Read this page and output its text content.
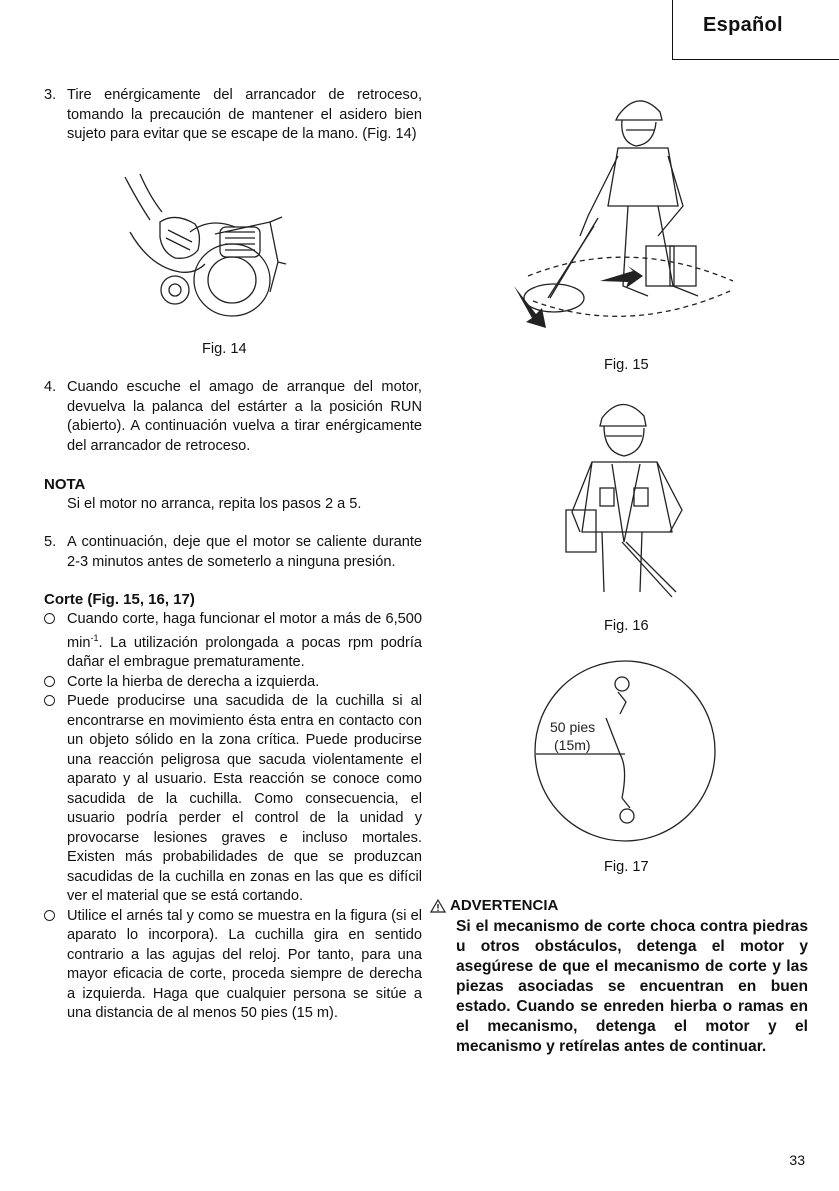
Español
3. Tire enérgicamente del arrancador de retroceso, tomando la precaución de mantener el asidero bien sujeto para evitar que se escape de la mano. (Fig. 14)
Fig. 14
4. Cuando escuche el amago de arranque del motor, devuelva la palanca del estárter a la posición RUN (abierto). A continuación vuelva a tirar enérgicamente del arrancador de retroceso.
NOTA
Si el motor no arranca, repita los pasos 2 a 5.
5. A continuación, deje que el motor se caliente durante 2-3 minutos antes de someterlo a ninguna presión.
Corte (Fig. 15, 16, 17)
Cuando corte, haga funcionar el motor a más de 6,500 $\min^{-1}$. La utilización prolongada a pocas rpm podría dañar el embrague prematuramente.
Corte la hierba de derecha a izquierda.
Puede producirse una sacudida de la cuchilla si al encontrarse en movimiento ésta entra en contacto con un objeto sólido en la zona crítica. Puede producirse una reacción peligrosa que sacuda violentamente el aparato y al usuario. Esta reacción se conoce como sacudida de la cuchilla. Como consecuencia, el usuario podría perder el control de la unidad y provocarse lesiones graves e incluso mortales. Existen más probabilidades de que se produzcan sacudidas de la cuchilla en zonas en las que es difícil ver el material que se está cortando.
Utilice el arnés tal y como se muestra en la figura (si el aparato lo incorpora). La cuchilla gira en sentido contrario a las agujas del reloj. Por tanto, para una mayor eficacia de corte, proceda siempre de derecha a izquierda. Haga que cualquier persona se sitúe a una distancia de al menos 50 pies (15 m).
Fig. 15
Fig. 16
50 pies
(15m)
Fig. 17
ADVERTENCIA
Si el mecanismo de corte choca contra piedras u otros obstáculos, detenga el motor y asegúrese de que el mecanismo de corte y las piezas asociadas se encuentran en buen estado. Cuando se enreden hierba o ramas en el mecanismo, detenga el motor y el mecanismo y retírelas antes de continuar.
33
